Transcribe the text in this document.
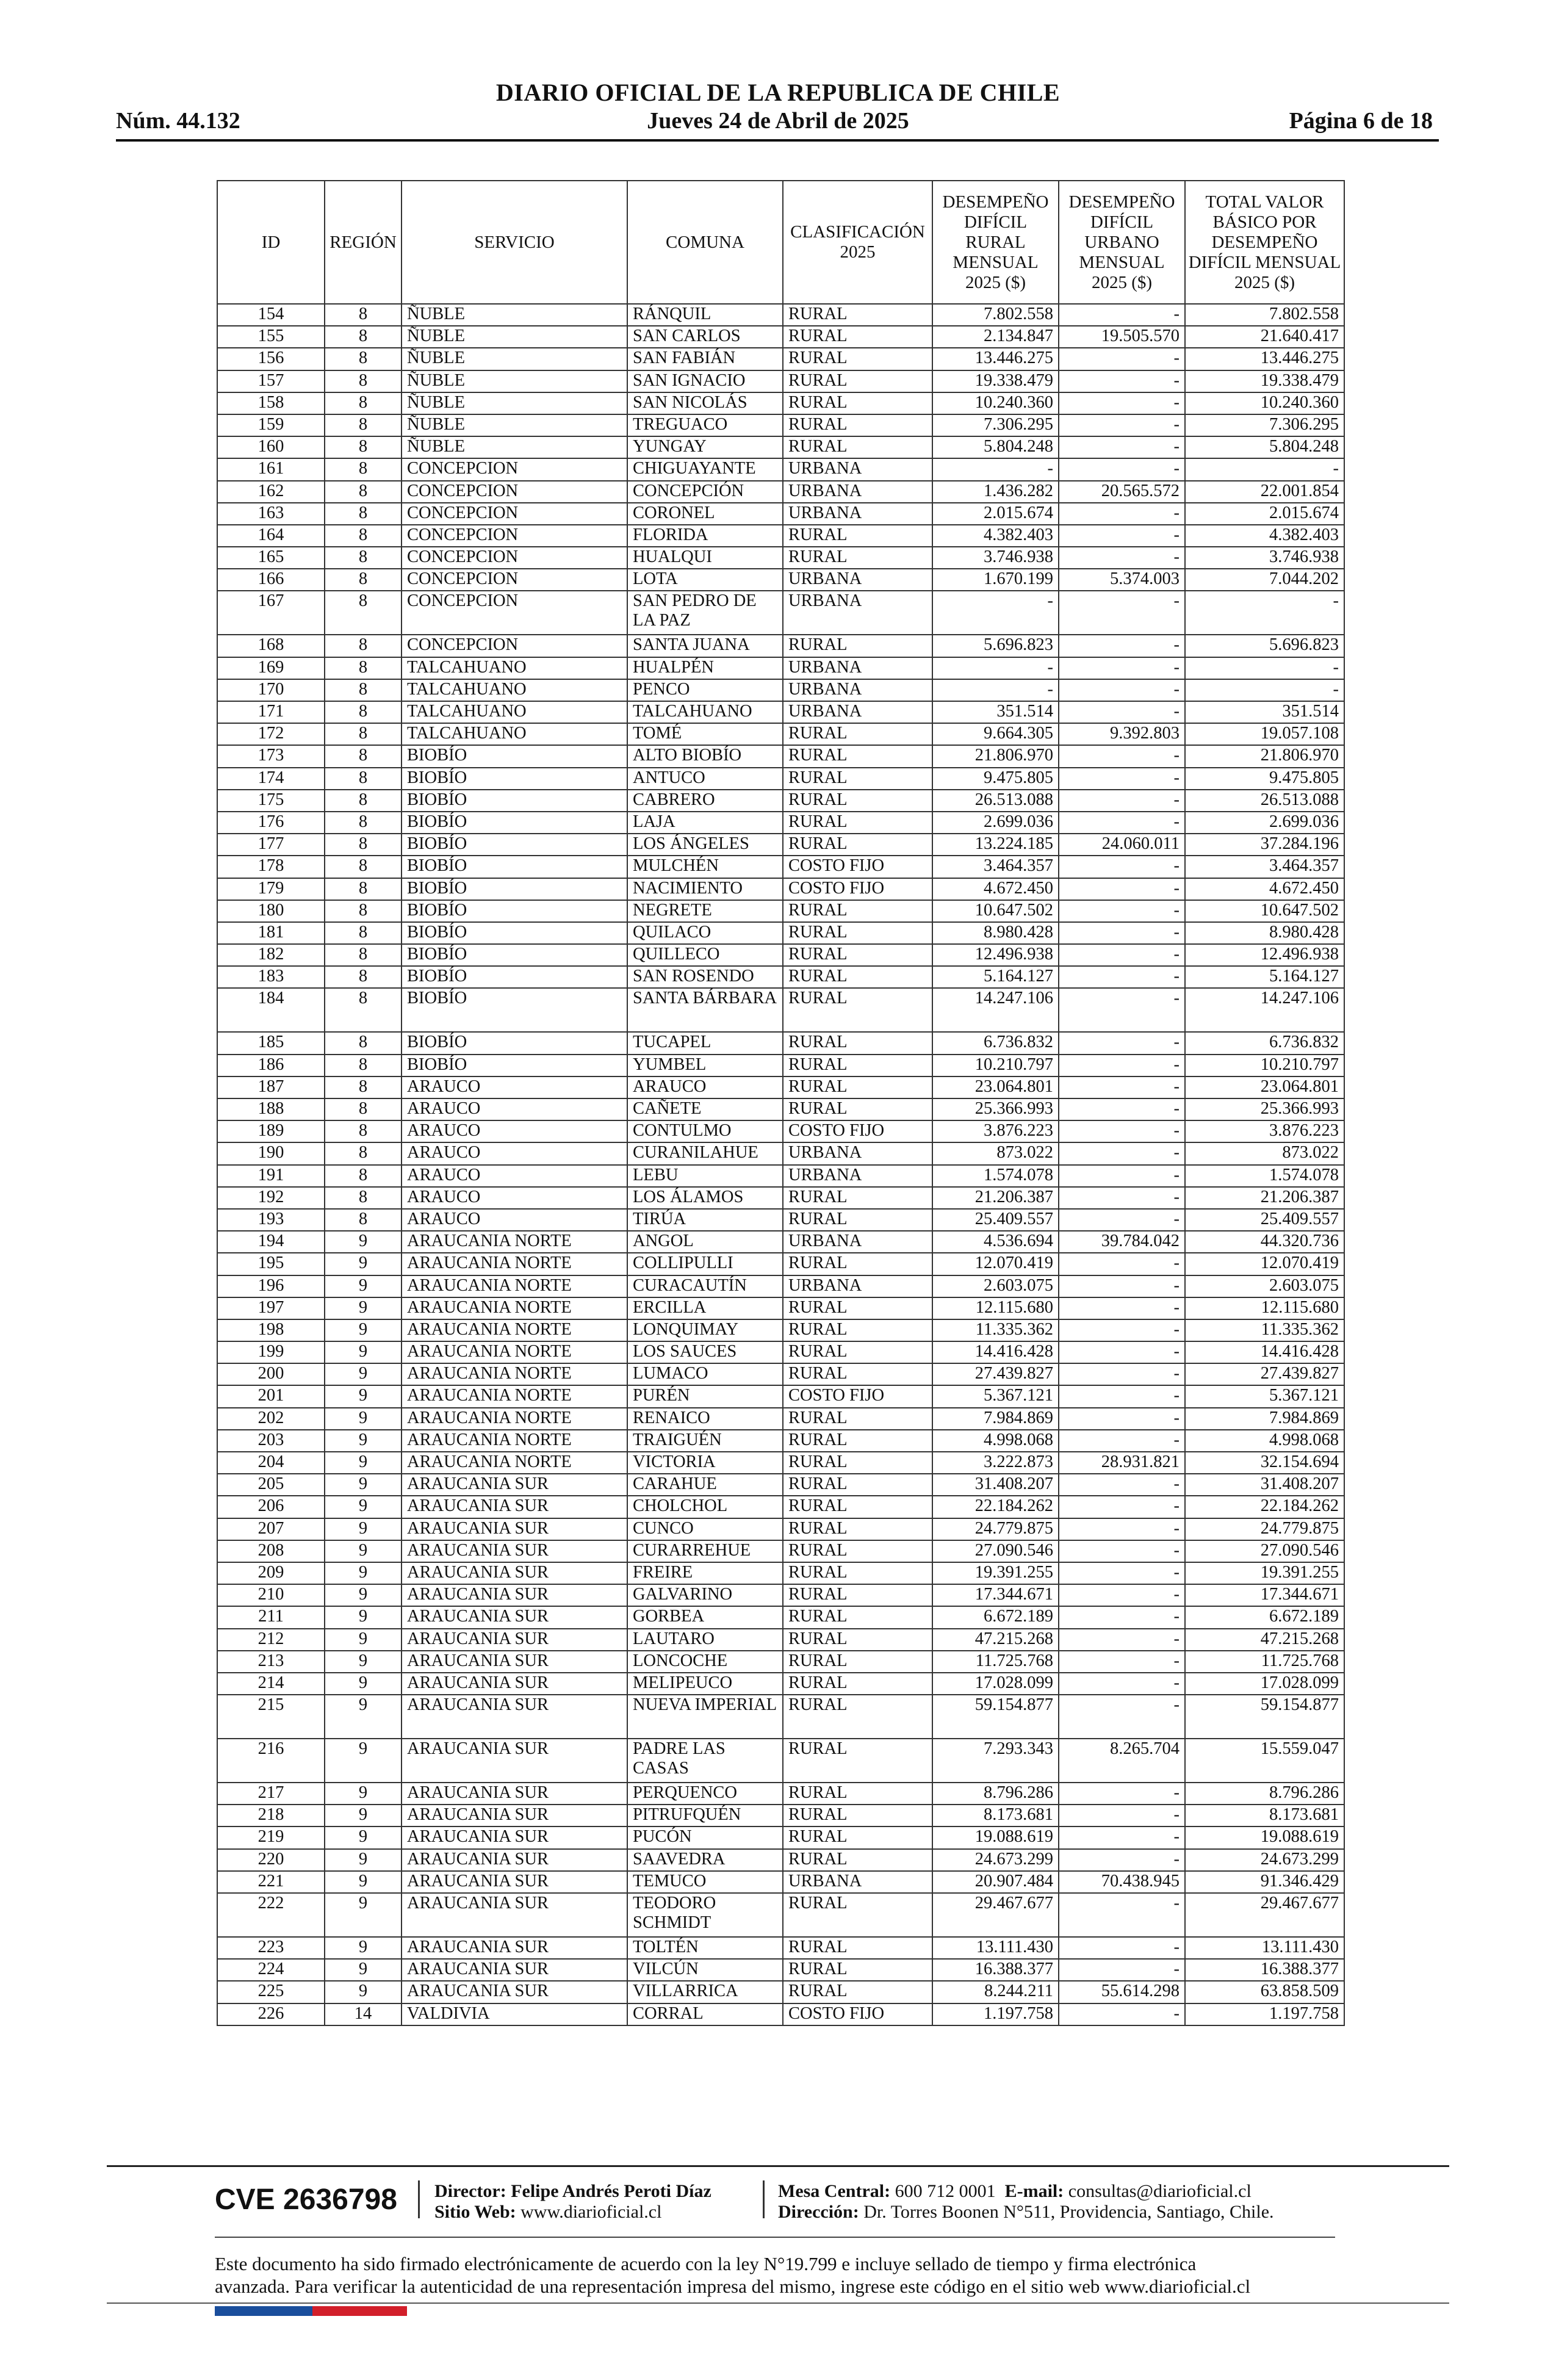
DIARIO OFICIAL DE LA REPUBLICA DE CHILE
Núm. 44.132	Jueves 24 de Abril de 2025	Página 6 de 18
ID	REGIÓN	SERVICIO	COMUNA	CLASIFICACIÓN 2025	DESEMPEÑO DIFÍCIL RURAL MENSUAL 2025 ($)	DESEMPEÑO DIFÍCIL URBANO MENSUAL 2025 ($)	TOTAL VALOR BÁSICO POR DESEMPEÑO DIFÍCIL MENSUAL 2025 ($)
154	8	ÑUBLE	RÁNQUIL	RURAL	7.802.558	-	7.802.558
155	8	ÑUBLE	SAN CARLOS	RURAL	2.134.847	19.505.570	21.640.417
156	8	ÑUBLE	SAN FABIÁN	RURAL	13.446.275	-	13.446.275
157	8	ÑUBLE	SAN IGNACIO	RURAL	19.338.479	-	19.338.479
158	8	ÑUBLE	SAN NICOLÁS	RURAL	10.240.360	-	10.240.360
159	8	ÑUBLE	TREGUACO	RURAL	7.306.295	-	7.306.295
160	8	ÑUBLE	YUNGAY	RURAL	5.804.248	-	5.804.248
161	8	CONCEPCION	CHIGUAYANTE	URBANA	-	-	-
162	8	CONCEPCION	CONCEPCIÓN	URBANA	1.436.282	20.565.572	22.001.854
163	8	CONCEPCION	CORONEL	URBANA	2.015.674	-	2.015.674
164	8	CONCEPCION	FLORIDA	RURAL	4.382.403	-	4.382.403
165	8	CONCEPCION	HUALQUI	RURAL	3.746.938	-	3.746.938
166	8	CONCEPCION	LOTA	URBANA	1.670.199	5.374.003	7.044.202
167	8	CONCEPCION	SAN PEDRO DE LA PAZ	URBANA	-	-	-
168	8	CONCEPCION	SANTA JUANA	RURAL	5.696.823	-	5.696.823
169	8	TALCAHUANO	HUALPÉN	URBANA	-	-	-
170	8	TALCAHUANO	PENCO	URBANA	-	-	-
171	8	TALCAHUANO	TALCAHUANO	URBANA	351.514	-	351.514
172	8	TALCAHUANO	TOMÉ	RURAL	9.664.305	9.392.803	19.057.108
173	8	BIOBÍO	ALTO BIOBÍO	RURAL	21.806.970	-	21.806.970
174	8	BIOBÍO	ANTUCO	RURAL	9.475.805	-	9.475.805
175	8	BIOBÍO	CABRERO	RURAL	26.513.088	-	26.513.088
176	8	BIOBÍO	LAJA	RURAL	2.699.036	-	2.699.036
177	8	BIOBÍO	LOS ÁNGELES	RURAL	13.224.185	24.060.011	37.284.196
178	8	BIOBÍO	MULCHÉN	COSTO FIJO	3.464.357	-	3.464.357
179	8	BIOBÍO	NACIMIENTO	COSTO FIJO	4.672.450	-	4.672.450
180	8	BIOBÍO	NEGRETE	RURAL	10.647.502	-	10.647.502
181	8	BIOBÍO	QUILACO	RURAL	8.980.428	-	8.980.428
182	8	BIOBÍO	QUILLECO	RURAL	12.496.938	-	12.496.938
183	8	BIOBÍO	SAN ROSENDO	RURAL	5.164.127	-	5.164.127
184	8	BIOBÍO	SANTA BÁRBARA	RURAL	14.247.106	-	14.247.106
185	8	BIOBÍO	TUCAPEL	RURAL	6.736.832	-	6.736.832
186	8	BIOBÍO	YUMBEL	RURAL	10.210.797	-	10.210.797
187	8	ARAUCO	ARAUCO	RURAL	23.064.801	-	23.064.801
188	8	ARAUCO	CAÑETE	RURAL	25.366.993	-	25.366.993
189	8	ARAUCO	CONTULMO	COSTO FIJO	3.876.223	-	3.876.223
190	8	ARAUCO	CURANILAHUE	URBANA	873.022	-	873.022
191	8	ARAUCO	LEBU	URBANA	1.574.078	-	1.574.078
192	8	ARAUCO	LOS ÁLAMOS	RURAL	21.206.387	-	21.206.387
193	8	ARAUCO	TIRÚA	RURAL	25.409.557	-	25.409.557
194	9	ARAUCANIA NORTE	ANGOL	URBANA	4.536.694	39.784.042	44.320.736
195	9	ARAUCANIA NORTE	COLLIPULLI	RURAL	12.070.419	-	12.070.419
196	9	ARAUCANIA NORTE	CURACAUTÍN	URBANA	2.603.075	-	2.603.075
197	9	ARAUCANIA NORTE	ERCILLA	RURAL	12.115.680	-	12.115.680
198	9	ARAUCANIA NORTE	LONQUIMAY	RURAL	11.335.362	-	11.335.362
199	9	ARAUCANIA NORTE	LOS SAUCES	RURAL	14.416.428	-	14.416.428
200	9	ARAUCANIA NORTE	LUMACO	RURAL	27.439.827	-	27.439.827
201	9	ARAUCANIA NORTE	PURÉN	COSTO FIJO	5.367.121	-	5.367.121
202	9	ARAUCANIA NORTE	RENAICO	RURAL	7.984.869	-	7.984.869
203	9	ARAUCANIA NORTE	TRAIGUÉN	RURAL	4.998.068	-	4.998.068
204	9	ARAUCANIA NORTE	VICTORIA	RURAL	3.222.873	28.931.821	32.154.694
205	9	ARAUCANIA SUR	CARAHUE	RURAL	31.408.207	-	31.408.207
206	9	ARAUCANIA SUR	CHOLCHOL	RURAL	22.184.262	-	22.184.262
207	9	ARAUCANIA SUR	CUNCO	RURAL	24.779.875	-	24.779.875
208	9	ARAUCANIA SUR	CURARREHUE	RURAL	27.090.546	-	27.090.546
209	9	ARAUCANIA SUR	FREIRE	RURAL	19.391.255	-	19.391.255
210	9	ARAUCANIA SUR	GALVARINO	RURAL	17.344.671	-	17.344.671
211	9	ARAUCANIA SUR	GORBEA	RURAL	6.672.189	-	6.672.189
212	9	ARAUCANIA SUR	LAUTARO	RURAL	47.215.268	-	47.215.268
213	9	ARAUCANIA SUR	LONCOCHE	RURAL	11.725.768	-	11.725.768
214	9	ARAUCANIA SUR	MELIPEUCO	RURAL	17.028.099	-	17.028.099
215	9	ARAUCANIA SUR	NUEVA IMPERIAL	RURAL	59.154.877	-	59.154.877
216	9	ARAUCANIA SUR	PADRE LAS CASAS	RURAL	7.293.343	8.265.704	15.559.047
217	9	ARAUCANIA SUR	PERQUENCO	RURAL	8.796.286	-	8.796.286
218	9	ARAUCANIA SUR	PITRUFQUÉN	RURAL	8.173.681	-	8.173.681
219	9	ARAUCANIA SUR	PUCÓN	RURAL	19.088.619	-	19.088.619
220	9	ARAUCANIA SUR	SAAVEDRA	RURAL	24.673.299	-	24.673.299
221	9	ARAUCANIA SUR	TEMUCO	URBANA	20.907.484	70.438.945	91.346.429
222	9	ARAUCANIA SUR	TEODORO SCHMIDT	RURAL	29.467.677	-	29.467.677
223	9	ARAUCANIA SUR	TOLTÉN	RURAL	13.111.430	-	13.111.430
224	9	ARAUCANIA SUR	VILCÚN	RURAL	16.388.377	-	16.388.377
225	9	ARAUCANIA SUR	VILLARRICA	RURAL	8.244.211	55.614.298	63.858.509
226	14	VALDIVIA	CORRAL	COSTO FIJO	1.197.758	-	1.197.758
CVE 2636798 Director: Felipe Andrés Peroti Díaz
Sitio Web: www.diarioficial.cl
Mesa Central: 600 712 0001 E-mail: consultas@diarioficial.cl
Dirección: Dr. Torres Boonen N°511, Providencia, Santiago, Chile.
Este documento ha sido firmado electrónicamente de acuerdo con la ley N°19.799 e incluye sellado de tiempo y firma electrónica
avanzada. Para verificar la autenticidad de una representación impresa del mismo, ingrese este código en el sitio web www.diarioficial.cl
